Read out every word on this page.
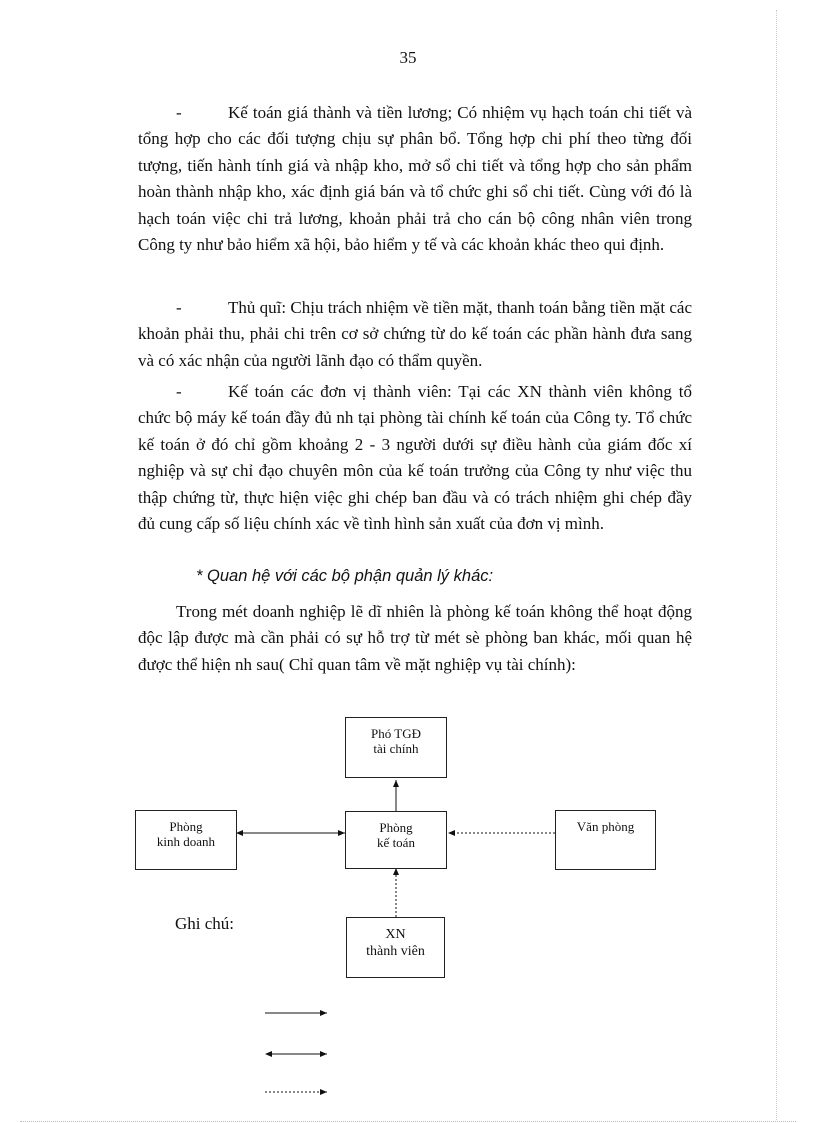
35

-	Kế toán giá thành và tiền lương; Có nhiệm vụ hạch toán chi tiết và tổng hợp cho các đối tượng chịu sự phân bổ. Tổng hợp chi phí theo từng đối tượng, tiến hành tính giá và nhập kho, mở sổ chi tiết và tổng hợp cho sản phẩm hoàn thành nhập kho, xác định giá bán và tổ chức ghi sổ chi tiết. Cùng với đó là hạch toán việc chi trả lương, khoản phải trả cho cán bộ công nhân viên trong Công ty như bảo hiểm xã hội, bảo hiểm y tế và các khoản khác theo qui định.

-	Thủ quĩ: Chịu trách nhiệm về tiền mặt, thanh toán bằng tiền mặt các khoản phải thu, phải chi trên cơ sở chứng từ do kế toán các phần hành đưa sang và có xác nhận của người lãnh đạo có thẩm quyền.

-	Kế toán các đơn vị thành viên: Tại các XN thành viên không tổ chức bộ máy kế toán đầy đủ nh tại phòng tài chính kế toán của Công ty. Tổ chức kế toán ở đó chỉ gồm khoảng 2 - 3 người dưới sự điều hành của giám đốc xí nghiệp và sự chỉ đạo chuyên môn của kế toán trưởng của Công ty như việc thu thập chứng từ, thực hiện việc ghi chép ban đầu và có trách nhiệm ghi chép đầy đủ cung cấp số liệu chính xác về tình hình sản xuất của đơn vị mình.

* Quan hệ với các bộ phận quản lý khác:

Trong mét doanh nghiệp lẽ dĩ nhiên là phòng kế toán không thể hoạt động độc lập được mà cần phải có sự hỗ trợ từ mét sè phòng ban khác, mối quan hệ được thể hiện nh sau( Chỉ quan tâm về mặt nghiệp vụ tài chính):

Phó TGĐ
tài chính
Phòng
kế toán
Phòng
kinh doanh
Văn phòng
XN
thành viên
Ghi chú:
